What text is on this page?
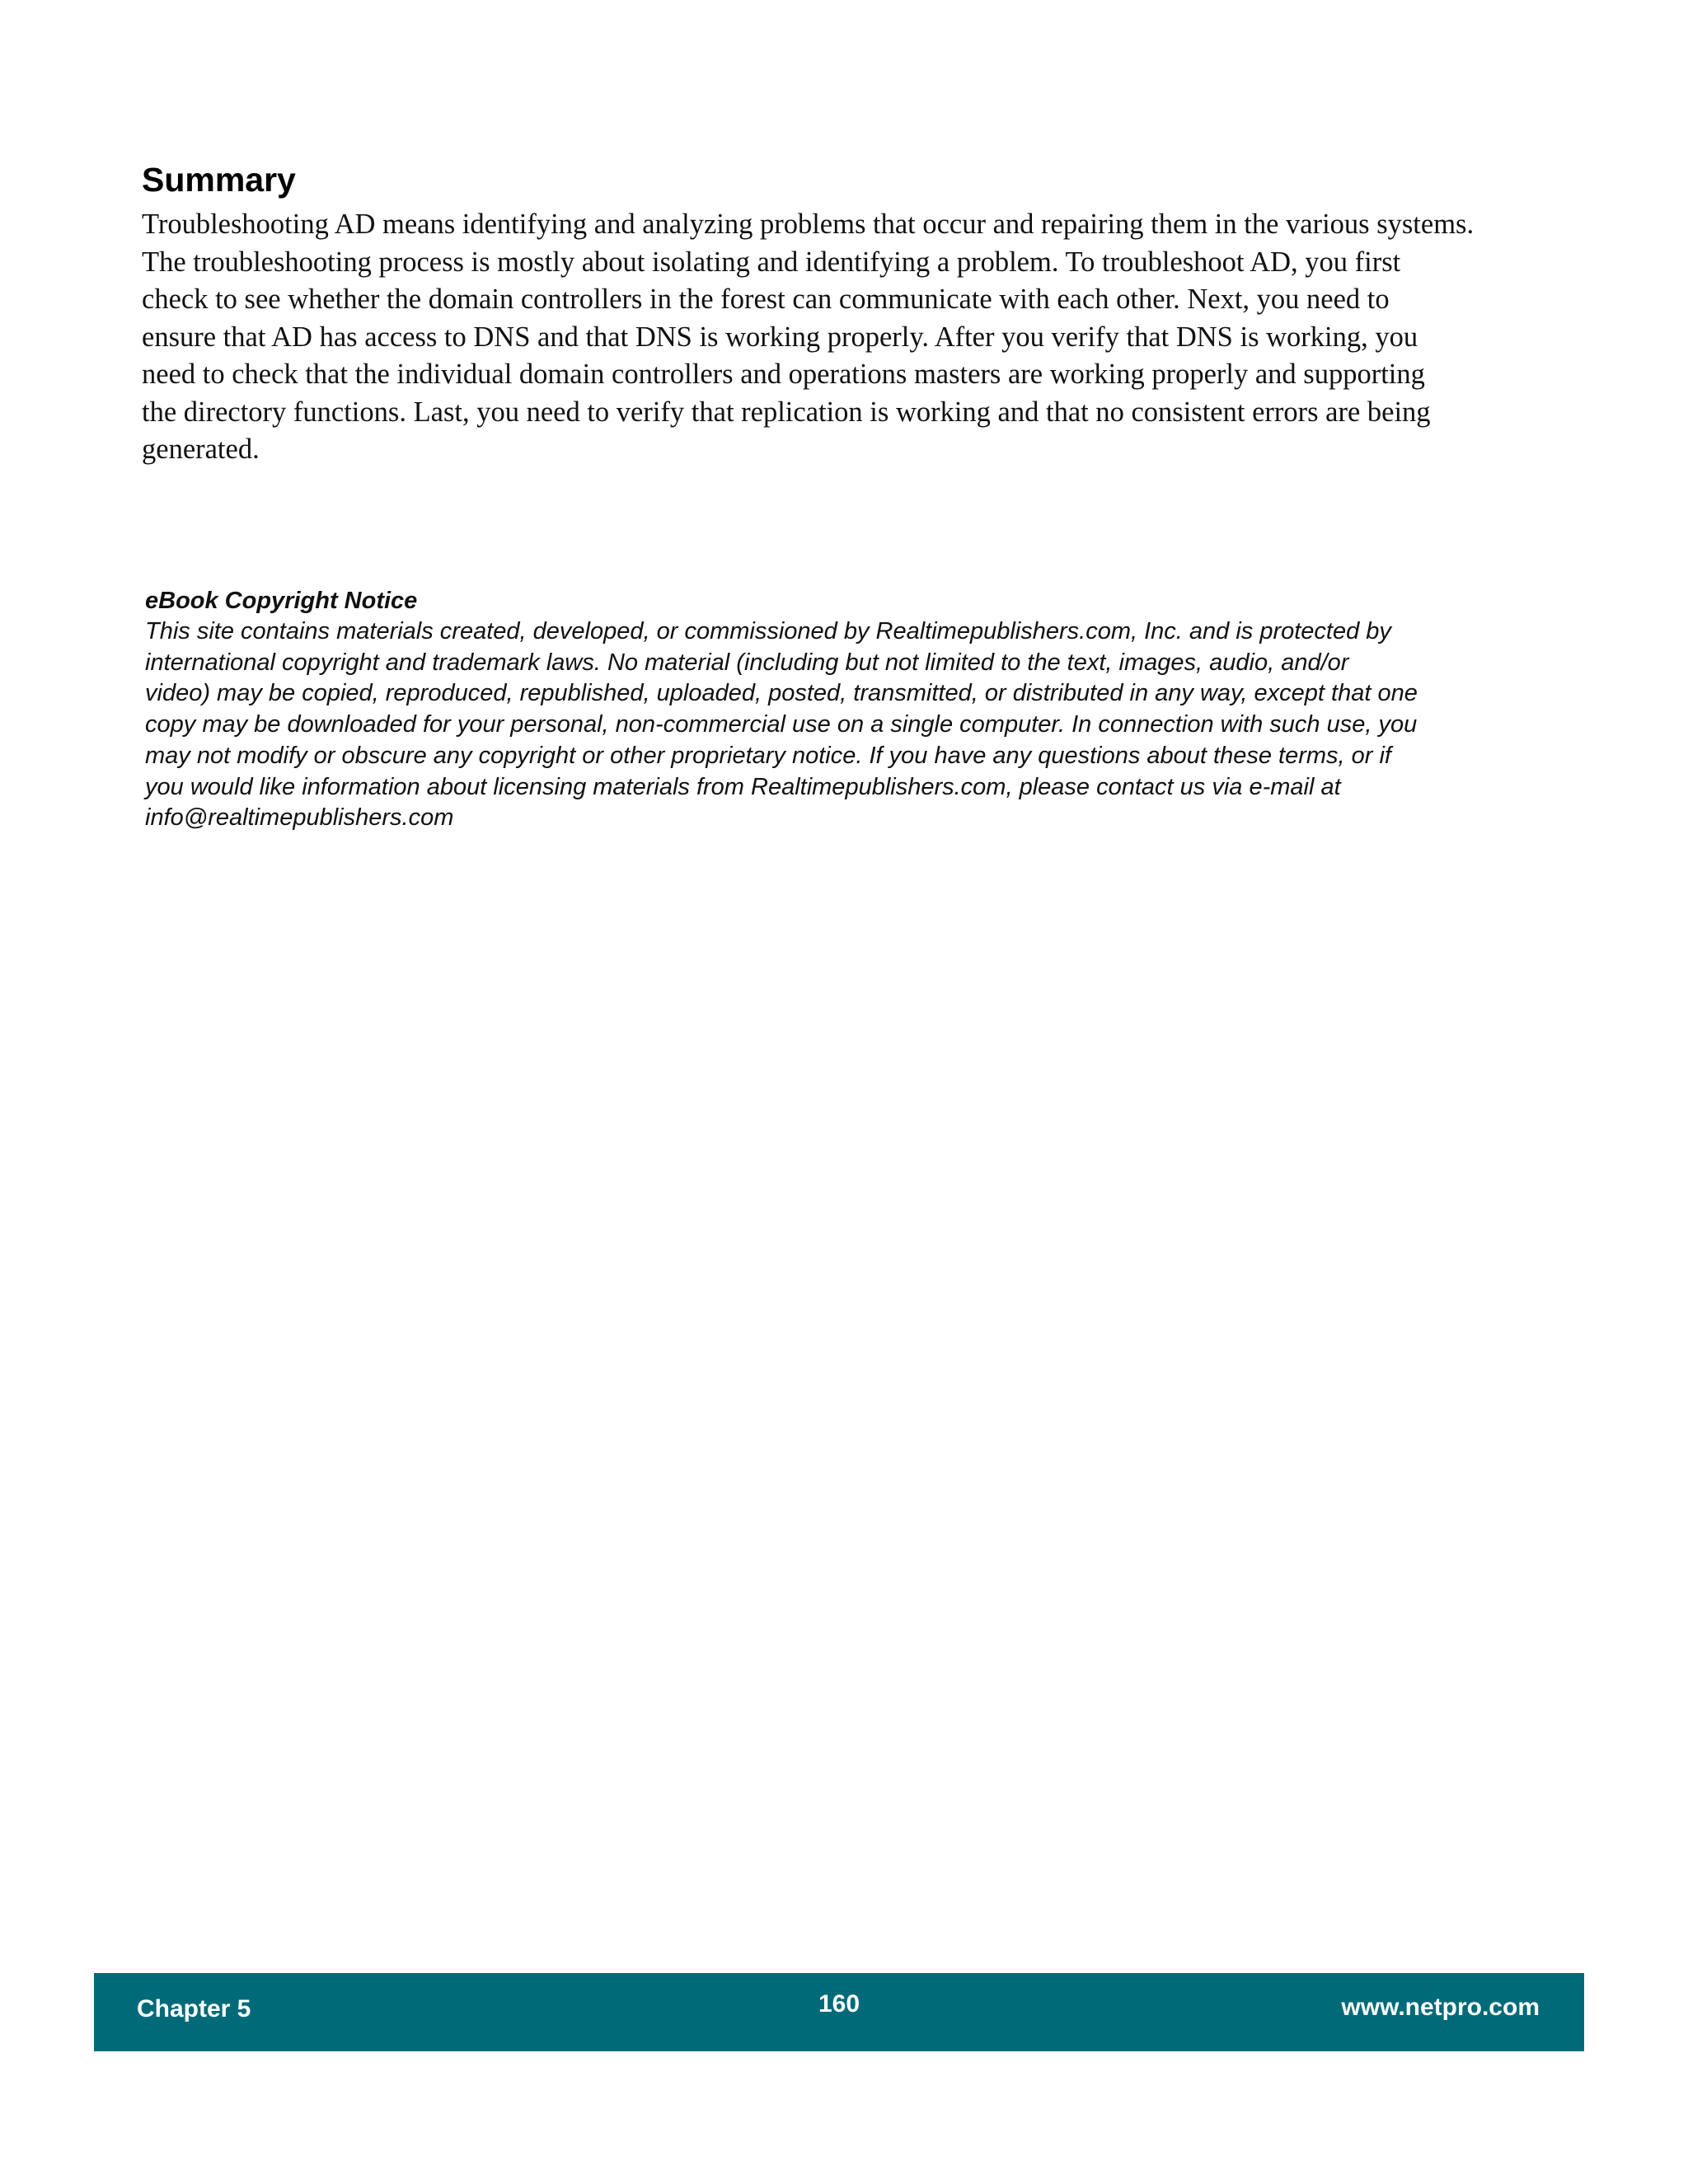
Summary

Troubleshooting AD means identifying and analyzing problems that occur and repairing them in the various systems.
The troubleshooting process is mostly about isolating and identifying a problem. To troubleshoot AD, you first
check to see whether the domain controllers in the forest can communicate with each other. Next, you need to
ensure that AD has access to DNS and that DNS is working properly. After you verify that DNS is working, you
need to check that the individual domain controllers and operations masters are working properly and supporting
the directory functions. Last, you need to verify that replication is working and that no consistent errors are being
generated.

eBook Copyright Notice

This site contains materials created, developed, or commissioned by Realtimepublishers.com, Inc. and is protected by
international copyright and trademark laws. No material (including but not limited to the text, images, audio, and/or
video) may be copied, reproduced, republished, uploaded, posted, transmitted, or distributed in any way, except that one
copy may be downloaded for your personal, non-commercial use on a single computer. In connection with such use, you
may not modify or obscure any copyright or other proprietary notice. If you have any questions about these terms, or if
you would like information about licensing materials from Realtimepublishers.com, please contact us via e-mail at
info@realtimepublishers.com

Chapter 5	160	www.netpro.com
